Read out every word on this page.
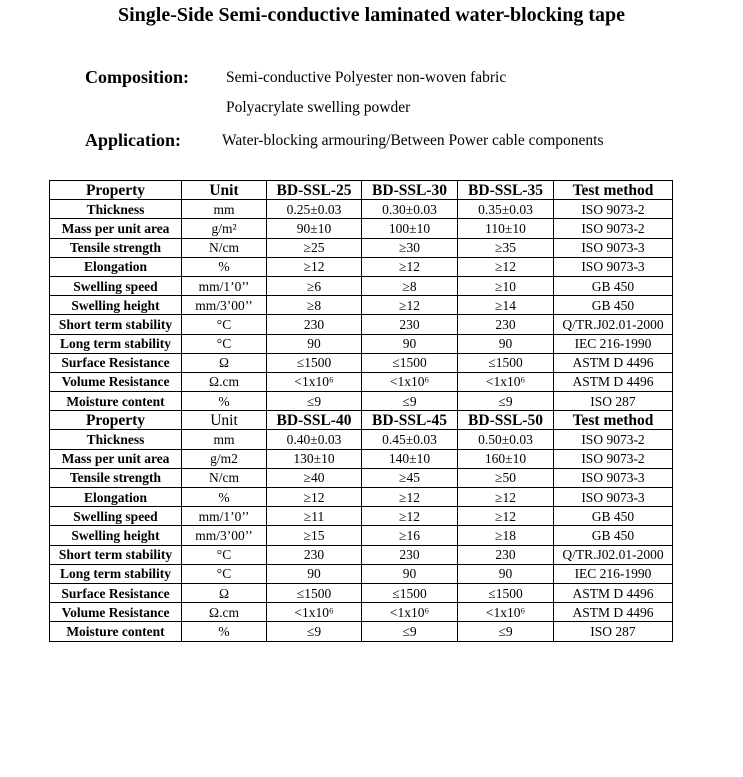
Single-Side Semi-conductive laminated water-blocking tape
Composition: Semi-conductive Polyester non-woven fabric
Polyacrylate swelling powder
Application:	Water-blocking armouring/Between Power cable components
Property	Unit	BD-SSL-25	BD-SSL-30	BD-SSL-35	Test method
Thickness	mm	0.25±0.03	0.30±0.03	0.35±0.03	ISO 9073-2
Mass per unit area	g/m²	90±10	100±10	110±10	ISO 9073-2
Tensile strength	N/cm	≥25	≥30	≥35	ISO 9073-3
Elongation	%	≥12	≥12	≥12	ISO 9073-3
Swelling speed	mm/1’0’’	≥6	≥8	≥10	GB 450
Swelling height	mm/3’00’’	≥8	≥12	≥14	GB 450
Short term stability	°C	230	230	230	Q/TR.J02.01-2000
Long term stability	°C	90	90	90	IEC 216-1990
Surface Resistance	Ω	≤1500	≤1500	≤1500	ASTM D 4496
Volume Resistance	Ω.cm	<1x10⁶	<1x10⁶	<1x10⁶	ASTM D 4496
Moisture content	%	≤9	≤9	≤9	ISO 287
Property	Unit	BD-SSL-40	BD-SSL-45	BD-SSL-50	Test method
Thickness	mm	0.40±0.03	0.45±0.03	0.50±0.03	ISO 9073-2
Mass per unit area	g/m2	130±10	140±10	160±10	ISO 9073-2
Tensile strength	N/cm	≥40	≥45	≥50	ISO 9073-3
Elongation	%	≥12	≥12	≥12	ISO 9073-3
Swelling speed	mm/1’0’’	≥11	≥12	≥12	GB 450
Swelling height	mm/3’00’’	≥15	≥16	≥18	GB 450
Short term stability	°C	230	230	230	Q/TR.J02.01-2000
Long term stability	°C	90	90	90	IEC 216-1990
Surface Resistance	Ω	≤1500	≤1500	≤1500	ASTM D 4496
Volume Resistance	Ω.cm	<1x10⁶	<1x10⁶	<1x10⁶	ASTM D 4496
Moisture content	%	≤9	≤9	≤9	ISO 287
